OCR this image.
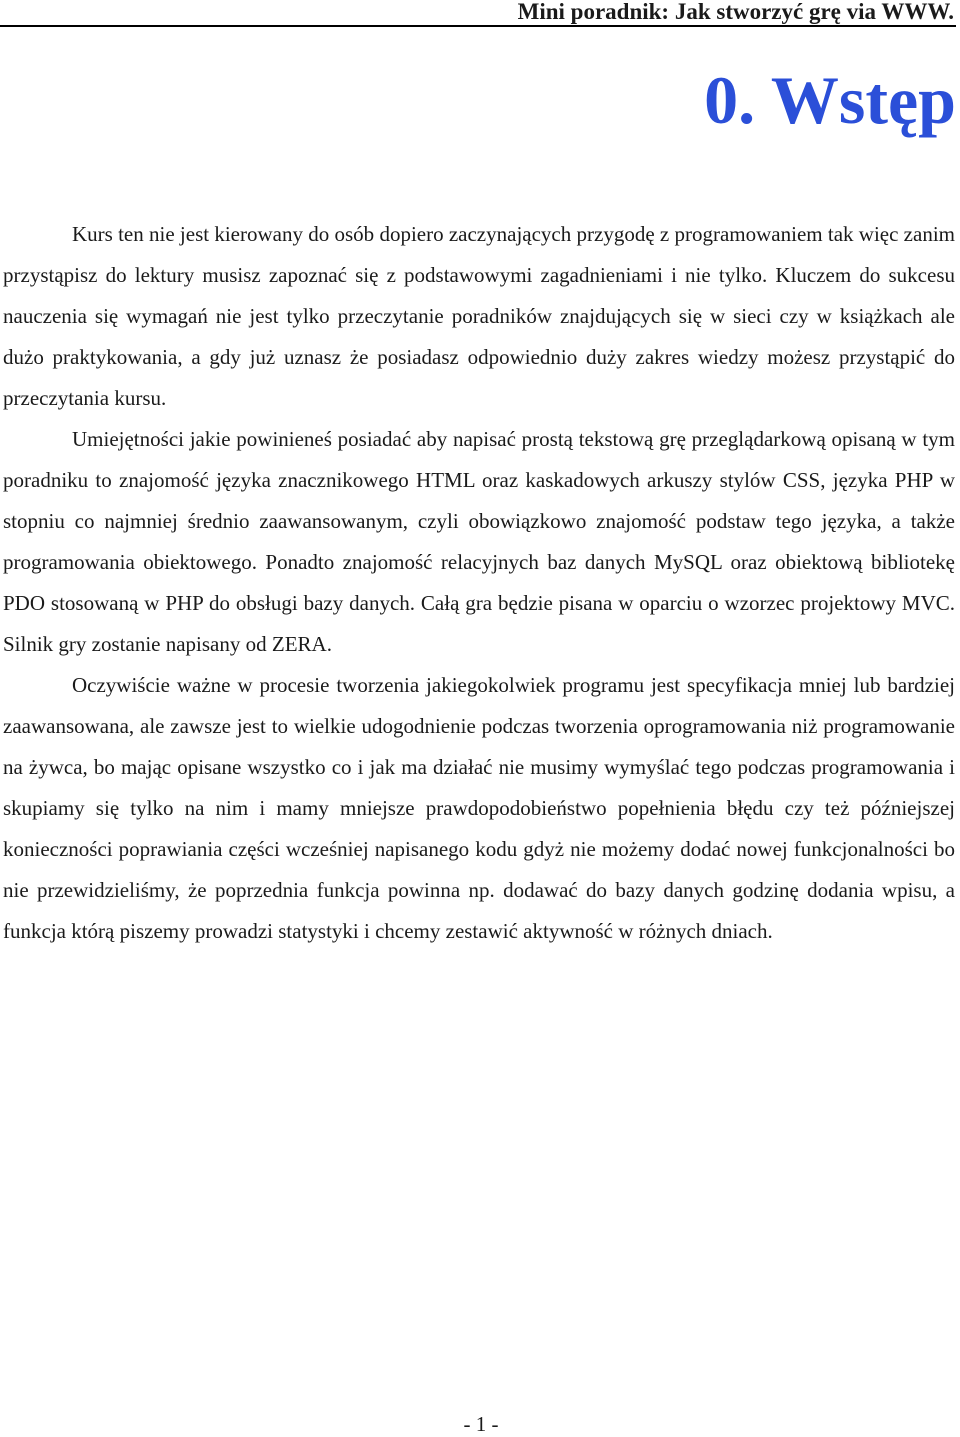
Mini poradnik: Jak stworzyć grę via WWW.
0. Wstęp

Kurs ten nie jest kierowany do osób dopiero zaczynających przygodę z programowaniem tak więc zanim przystąpisz do lektury musisz zapoznać się z podstawowymi zagadnieniami i nie tylko. Kluczem do sukcesu nauczenia się wymagań nie jest tylko przeczytanie poradników znajdujących się w sieci czy w książkach ale dużo praktykowania, a gdy już uznasz że posiadasz odpowiednio duży zakres wiedzy możesz przystąpić do przeczytania kursu.

Umiejętności jakie powinieneś posiadać aby napisać prostą tekstową grę przeglądarkową opisaną w tym poradniku to znajomość języka znacznikowego HTML oraz kaskadowych arkuszy stylów CSS, języka PHP w stopniu co najmniej średnio zaawansowanym, czyli obowiązkowo znajomość podstaw tego języka, a także programowania obiektowego. Ponadto znajomość relacyjnych baz danych MySQL oraz obiektową bibliotekę PDO stosowaną w PHP do obsługi bazy danych. Całą gra będzie pisana w oparciu o wzorzec projektowy MVC. Silnik gry zostanie napisany od ZERA.

Oczywiście ważne w procesie tworzenia jakiegokolwiek programu jest specyfikacja mniej lub bardziej zaawansowana, ale zawsze jest to wielkie udogodnienie podczas tworzenia oprogramowania niż programowanie na żywca, bo mając opisane wszystko co i jak ma działać nie musimy wymyślać tego podczas programowania i skupiamy się tylko na nim i mamy mniejsze prawdopodobieństwo popełnienia błędu czy też późniejszej konieczności poprawiania części wcześniej napisanego kodu gdyż nie możemy dodać nowej funkcjonalności bo nie przewidzieliśmy, że poprzednia funkcja powinna np. dodawać do bazy danych godzinę dodania wpisu, a funkcja którą piszemy prowadzi statystyki i chcemy zestawić aktywność w różnych dniach.

- 1 -
